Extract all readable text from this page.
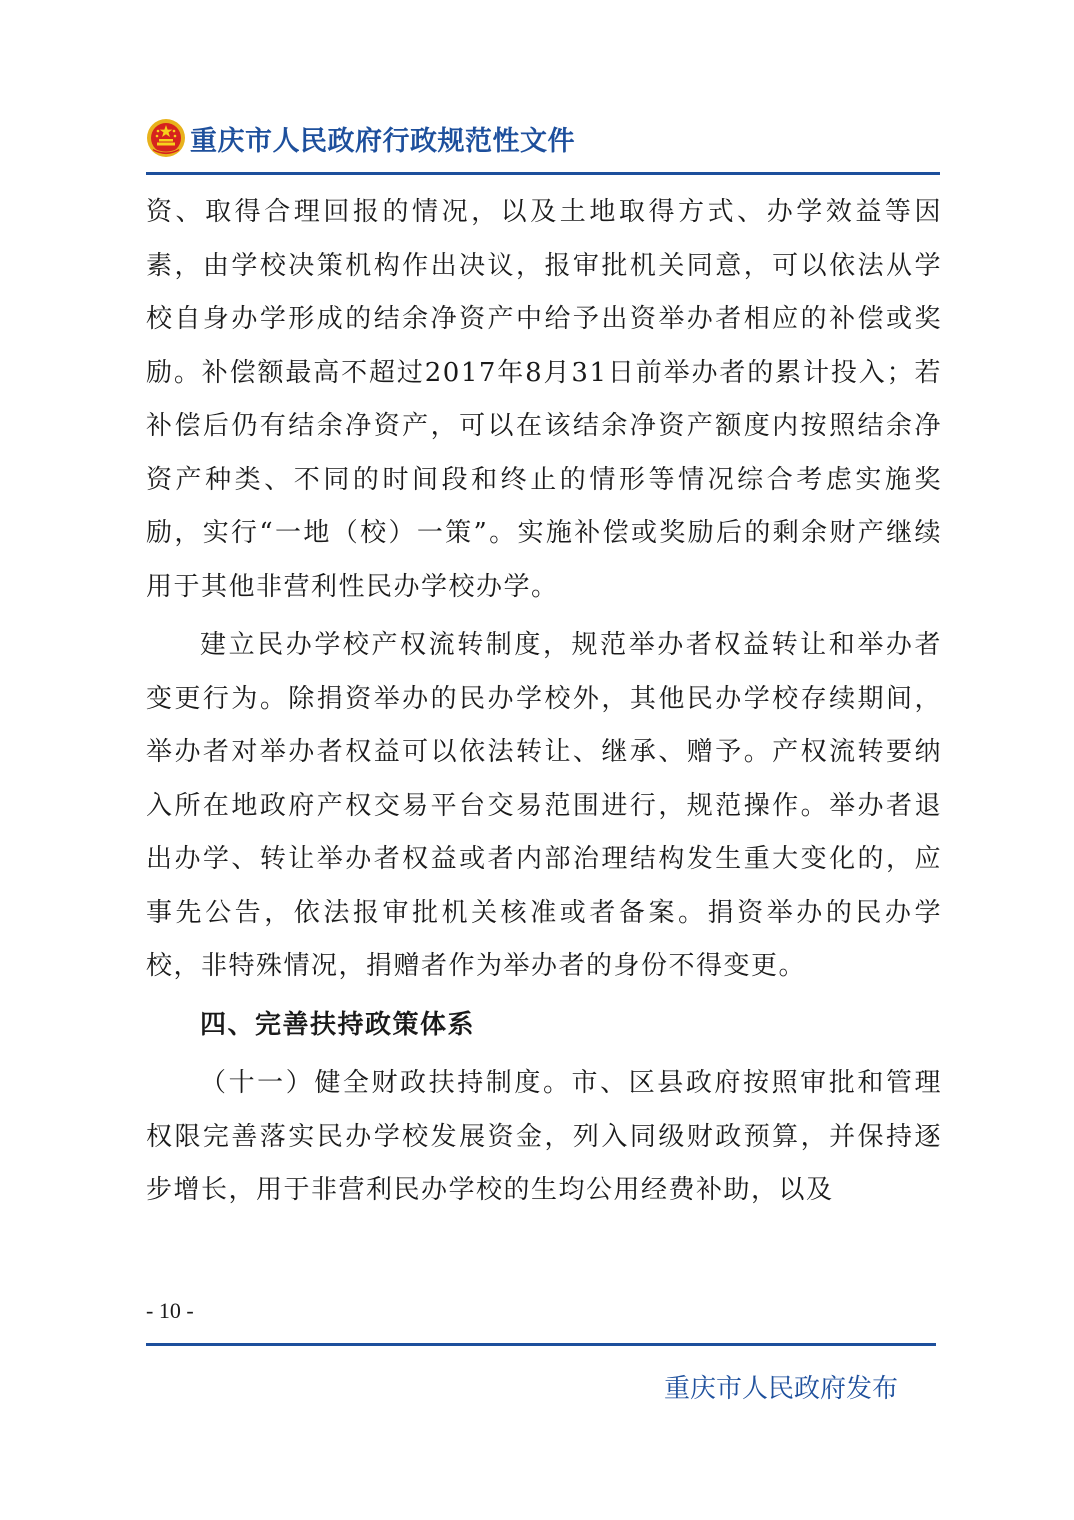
重庆市人民政府行政规范性文件

资、取得合理回报的情况，以及土地取得方式、办学效益等因素，由学校决策机构作出决议，报审批机关同意，可以依法从学校自身办学形成的结余净资产中给予出资举办者相应的补偿或奖励。补偿额最高不超过2017年8月31日前举办者的累计投入；若补偿后仍有结余净资产，可以在该结余净资产额度内按照结余净资产种类、不同的时间段和终止的情形等情况综合考虑实施奖励，实行“一地（校）一策”。实施补偿或奖励后的剩余财产继续用于其他非营利性民办学校办学。

建立民办学校产权流转制度，规范举办者权益转让和举办者变更行为。除捐资举办的民办学校外，其他民办学校存续期间，举办者对举办者权益可以依法转让、继承、赠予。产权流转要纳入所在地政府产权交易平台交易范围进行，规范操作。举办者退出办学、转让举办者权益或者内部治理结构发生重大变化的，应事先公告，依法报审批机关核准或者备案。捐资举办的民办学校，非特殊情况，捐赠者作为举办者的身份不得变更。

四、完善扶持政策体系

（十一）健全财政扶持制度。市、区县政府按照审批和管理权限完善落实民办学校发展资金，列入同级财政预算，并保持逐步增长，用于非营利民办学校的生均公用经费补助，以及

- 10 -
重庆市人民政府发布
